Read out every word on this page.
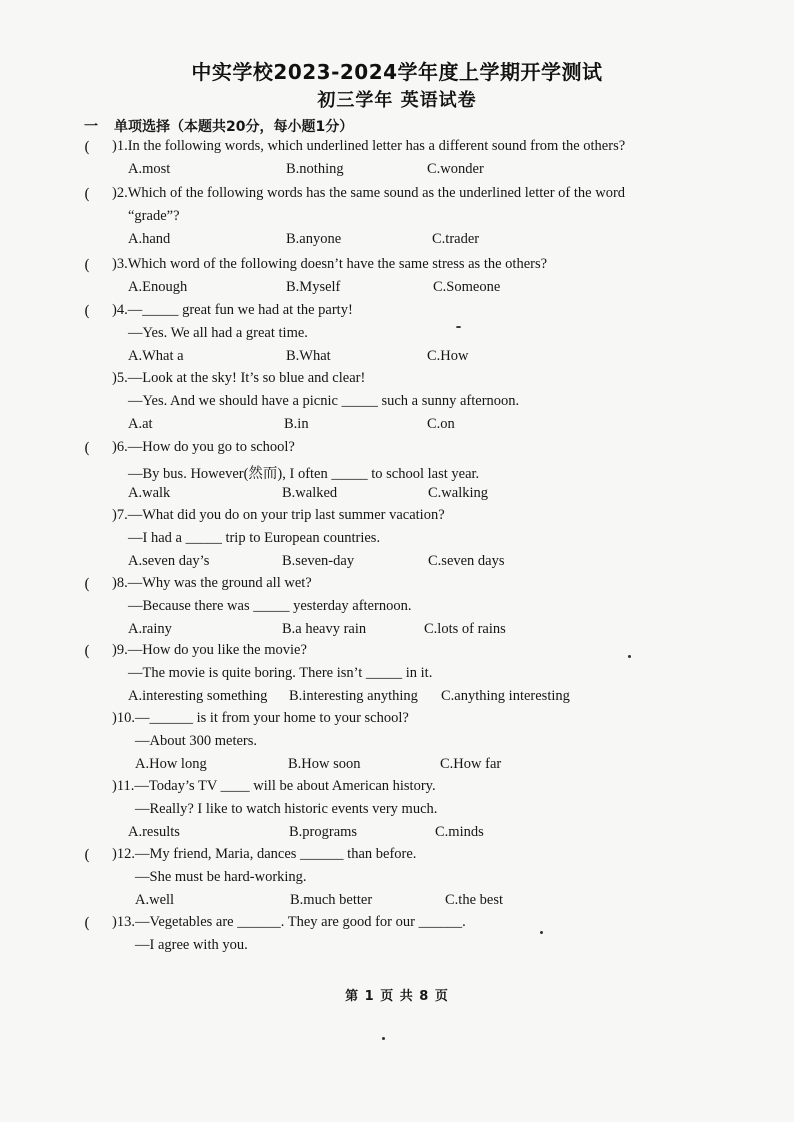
中实学校2023-2024学年度上学期开学测试
初三学年 英语试卷
一 单项选择（本题共20分，每小题1分）
( )1.In the following words, which underlined letter has a different sound from the others?
A.most	B.nothing	C.wonder
( )2.Which of the following words has the same sound as the underlined letter of the word
“grade”?
A.hand	B.anyone	C.trader
( )3.Which word of the following doesn’t have the same stress as the others?
A.Enough	B.Myself	C.Someone
( )4.—_____ great fun we had at the party!
—Yes. We all had a great time.
A.What a	B.What	C.How
)5.—Look at the sky! It’s so blue and clear!
—Yes. And we should have a picnic _____ such a sunny afternoon.
A.at	B.in	C.on
( )6.—How do you go to school?
—By bus. However(然而), I often _____ to school last year.
A.walk	B.walked	C.walking
)7.—What did you do on your trip last summer vacation?
—I had a _____ trip to European countries.
A.seven day’s	B.seven-day	C.seven days
( )8.—Why was the ground all wet?
—Because there was _____ yesterday afternoon.
A.rainy	B.a heavy rain	C.lots of rains
( )9.—How do you like the movie?
—The movie is quite boring. There isn’t _____ in it.
A.interesting something B.interesting anything C.anything interesting
)10.—______ is it from your home to your school?
—About 300 meters.
A.How long	B.How soon	C.How far
)11.—Today’s TV ____ will be about American history.
—Really? I like to watch historic events very much.
A.results	B.programs	C.minds
( )12.—My friend, Maria, dances ______ than before.
—She must be hard-working.
A.well	B.much better	C.the best
( )13.—Vegetables are ______. They are good for our ______.
—I agree with you.
第 1 页 共 8 页
